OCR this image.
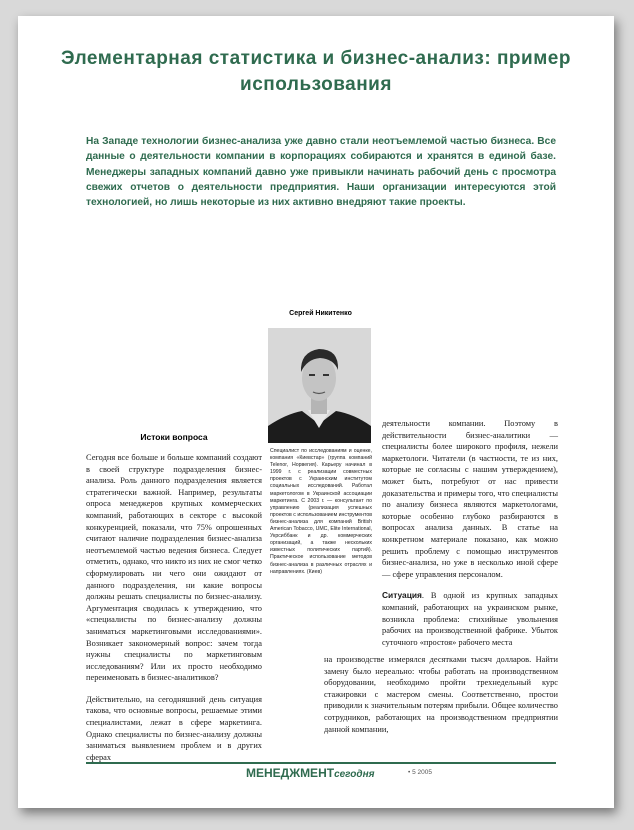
Элементарная статистика и бизнес-анализ: пример использования

На Западе технологии бизнес-анализа уже давно стали неотъемлемой частью бизнеса. Все данные о деятельности компании в корпорациях собираются и хранятся в единой базе. Менеджеры западных компаний давно уже привыкли начинать рабочий день с просмотра свежих отчетов о деятельности предприятия. Наши организации интересуются этой технологией, но лишь некоторые из них активно внедряют такие проекты.

Сергей Никитенко

Специалист по исследованиям и оценке, компания «Киевстар» (группа компаний Telenor, Норвегия). Карьеру начинал в 1999 г. с реализации совместных проектов с Украинским институтом социальных исследований. Работал маркетологом в Украинской ассоциации маркетинга. С 2003 г. — консультант по управлению (реализация успешных проектов с использованием инструментов бизнес-анализа для компаний British American Tobacco, UMC, Elite International, Укрсиббанк и др. коммерческих организаций, а также нескольких известных политических партий). Практическое использование методов бизнес-анализа в различных отраслях и направлениях. (Киев)

Истоки вопроса

Сегодня все больше и больше компаний создают в своей структуре подразделения бизнес-анализа. Роль данного подразделения является стратегически важной. Например, результаты опроса менеджеров крупных коммерческих компаний, работающих в секторе с высокой конкуренцией, показали, что 75% опрошенных считают наличие подразделения бизнес-анализа неотъемлемой частью ведения бизнеса. Следует отметить, однако, что никто из них не смог четко сформулировать ни чего они ожидают от данного подразделения, ни какие вопросы должны решать специалисты по бизнес-анализу. Аргументация сводилась к утверждению, что «специалисты по бизнес-анализу должны заниматься маркетинговыми исследованиями». Возникает закономерный вопрос: зачем тогда нужны специалисты по маркетинговым исследованиям? Или их просто необходимо переименовать в бизнес-аналитиков?

Действительно, на сегодняшний день ситуация такова, что основные вопросы, решаемые этими специалистами, лежат в сфере маркетинга. Однако специалисты по бизнес-анализу должны заниматься выявлением проблем и в других сферах

деятельности компании. Поэтому в действительности бизнес-аналитики — специалисты более широкого профиля, нежели маркетологи. Читатели (в частности, те из них, которые не согласны с нашим утверждением), может быть, потребуют от нас привести доказательства и примеры того, что специалисты по анализу бизнеса являются маркетологами, которые особенно глубоко разбираются в вопросах анализа данных. В статье на конкретном материале показано, как можно решить проблему с помощью инструментов бизнес-анализа, но уже в несколько иной сфере — сфере управления персоналом.

Ситуация. В одной из крупных западных компаний, работающих на украинском рынке, возникла проблема: стихийные увольнения рабочих на производственной фабрике. Убыток суточного «простоя» рабочего места

на производстве измерялся десятками тысяч долларов. Найти замену было нереально: чтобы работать на производственном оборудовании, необходимо пройти трехнедельный курс стажировки с мастером смены. Соответственно, простои приводили к значительным потерям прибыли. Общее количество сотрудников, работающих на производственном предприятии данной компании,

МЕНЕДЖМЕНТсегодня	• 5 2005
